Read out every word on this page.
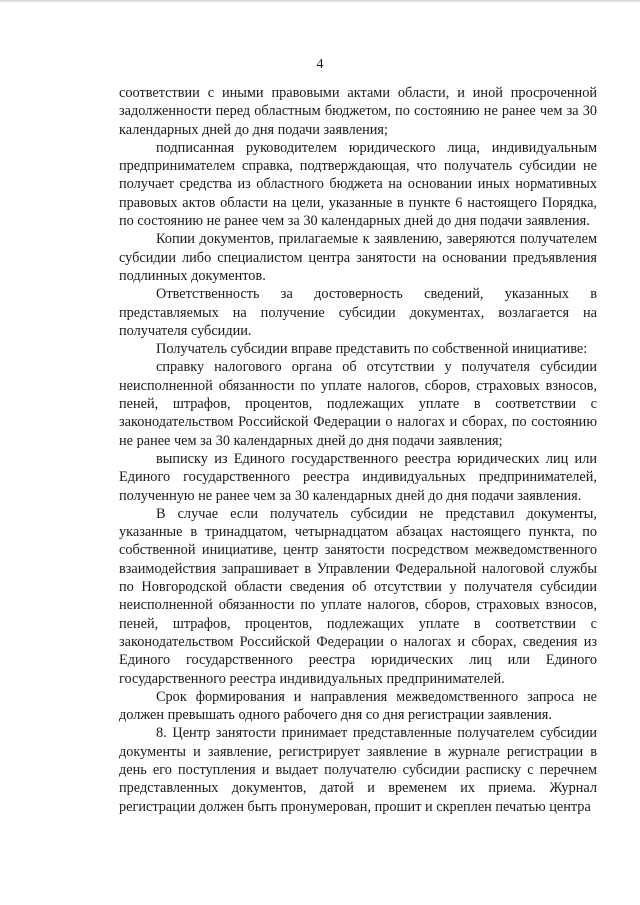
4

соответствии с иными правовыми актами области, и иной просроченной задолженности перед областным бюджетом, по состоянию не ранее чем за 30 календарных дней до дня подачи заявления;

подписанная руководителем юридического лица, индивидуальным предпринимателем справка, подтверждающая, что получатель субсидии не получает средства из областного бюджета на основании иных нормативных правовых актов области на цели, указанные в пункте 6 настоящего Порядка, по состоянию не ранее чем за 30 календарных дней до дня подачи заявления.

Копии документов, прилагаемые к заявлению, заверяются получателем субсидии либо специалистом центра занятости на основании предъявления подлинных документов.

Ответственность за достоверность сведений, указанных в представляемых на получение субсидии документах, возлагается на получателя субсидии.

Получатель субсидии вправе представить по собственной инициативе:

справку налогового органа об отсутствии у получателя субсидии неисполненной обязанности по уплате налогов, сборов, страховых взносов, пеней, штрафов, процентов, подлежащих уплате в соответствии с законодательством Российской Федерации о налогах и сборах, по состоянию не ранее чем за 30 календарных дней до дня подачи заявления;

выписку из Единого государственного реестра юридических лиц или Единого государственного реестра индивидуальных предпринимателей, полученную не ранее чем за 30 календарных дней до дня подачи заявления.

В случае если получатель субсидии не представил документы, указанные в тринадцатом, четырнадцатом абзацах настоящего пункта, по собственной инициативе, центр занятости посредством межведомственного взаимодействия запрашивает в Управлении Федеральной налоговой службы по Новгородской области сведения об отсутствии у получателя субсидии неисполненной обязанности по уплате налогов, сборов, страховых взносов, пеней, штрафов, процентов, подлежащих уплате в соответствии с законодательством Российской Федерации о налогах и сборах, сведения из Единого государственного реестра юридических лиц или Единого государственного реестра индивидуальных предпринимателей.

Срок формирования и направления межведомственного запроса не должен превышать одного рабочего дня со дня регистрации заявления.

8. Центр занятости принимает представленные получателем субсидии документы и заявление, регистрирует заявление в журнале регистрации в день его поступления и выдает получателю субсидии расписку с перечнем представленных документов, датой и временем их приема. Журнал регистрации должен быть пронумерован, прошит и скреплен печатью центра
